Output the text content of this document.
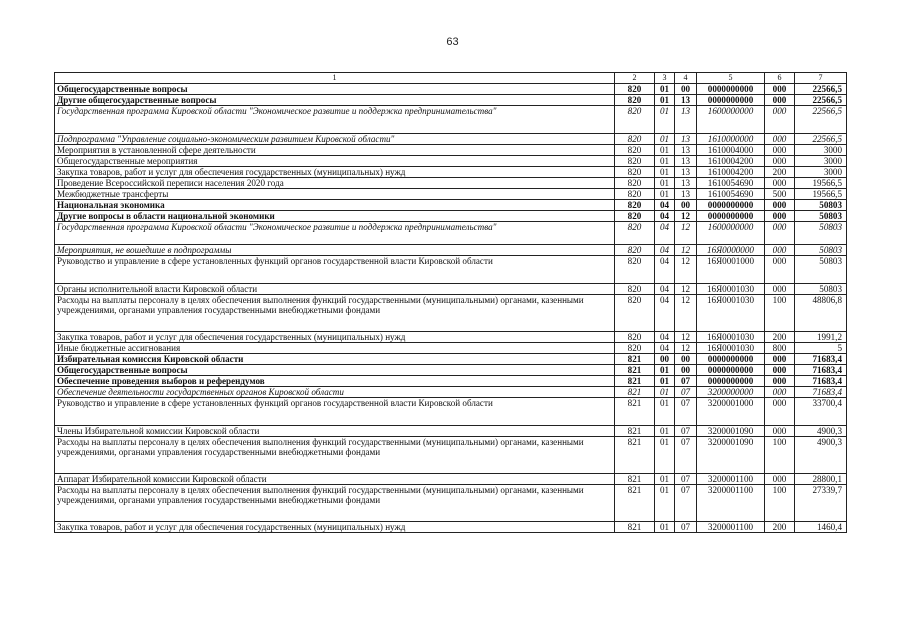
63
1	2	3	4	5	6	7
Общегосударственные вопросы	820	01	00	0000000000	000	22566,5
Другие общегосударственные вопросы	820	01	13	0000000000	000	22566,5
Государственная программа Кировской области "Экономическое развитие и поддержка предпринимательства"	820	01	13	1600000000	000	22566,5
Подпрограмма "Управление социально-экономическим развитием Кировской области"	820	01	13	1610000000	000	22566,5
Мероприятия в установленной сфере деятельности	820	01	13	1610004000	000	3000
Общегосударственные мероприятия	820	01	13	1610004200	000	3000
Закупка товаров, работ и услуг для обеспечения государственных (муниципальных) нужд	820	01	13	1610004200	200	3000
Проведение Всероссийской переписи населения 2020 года	820	01	13	1610054690	000	19566,5
Межбюджетные трансферты	820	01	13	1610054690	500	19566,5
Национальная экономика	820	04	00	0000000000	000	50803
Другие вопросы в области национальной экономики	820	04	12	0000000000	000	50803
Государственная программа Кировской области "Экономическое развитие и поддержка предпринимательства"	820	04	12	1600000000	000	50803
Мероприятия, не вошедшие в подпрограммы	820	04	12	16Я0000000	000	50803
Руководство и управление в сфере установленных функций органов государственной власти Кировской области	820	04	12	16Я0001000	000	50803
Органы исполнительной власти Кировской области	820	04	12	16Я0001030	000	50803
Расходы на выплаты персоналу в целях обеспечения выполнения функций государственными (муниципальными) органами, казенными учреждениями, органами управления государственными внебюджетными фондами	820	04	12	16Я0001030	100	48806,8
Закупка товаров, работ и услуг для обеспечения государственных (муниципальных) нужд	820	04	12	16Я0001030	200	1991,2
Иные бюджетные ассигнования	820	04	12	16Я0001030	800	5
Избирательная комиссия Кировской области	821	00	00	0000000000	000	71683,4
Общегосударственные вопросы	821	01	00	0000000000	000	71683,4
Обеспечение проведения выборов и референдумов	821	01	07	0000000000	000	71683,4
Обеспечение деятельности государственных органов Кировской области	821	01	07	3200000000	000	71683,4
Руководство и управление в сфере установленных функций органов государственной власти Кировской области	821	01	07	3200001000	000	33700,4
Члены Избирательной комиссии Кировской области	821	01	07	3200001090	000	4900,3
Расходы на выплаты персоналу в целях обеспечения выполнения функций государственными (муниципальными) органами, казенными учреждениями, органами управления государственными внебюджетными фондами	821	01	07	3200001090	100	4900,3
Аппарат Избирательной комиссии Кировской области	821	01	07	3200001100	000	28800,1
Расходы на выплаты персоналу в целях обеспечения выполнения функций государственными (муниципальными) органами, казенными учреждениями, органами управления государственными внебюджетными фондами	821	01	07	3200001100	100	27339,7
Закупка товаров, работ и услуг для обеспечения государственных (муниципальных) нужд	821	01	07	3200001100	200	1460,4
